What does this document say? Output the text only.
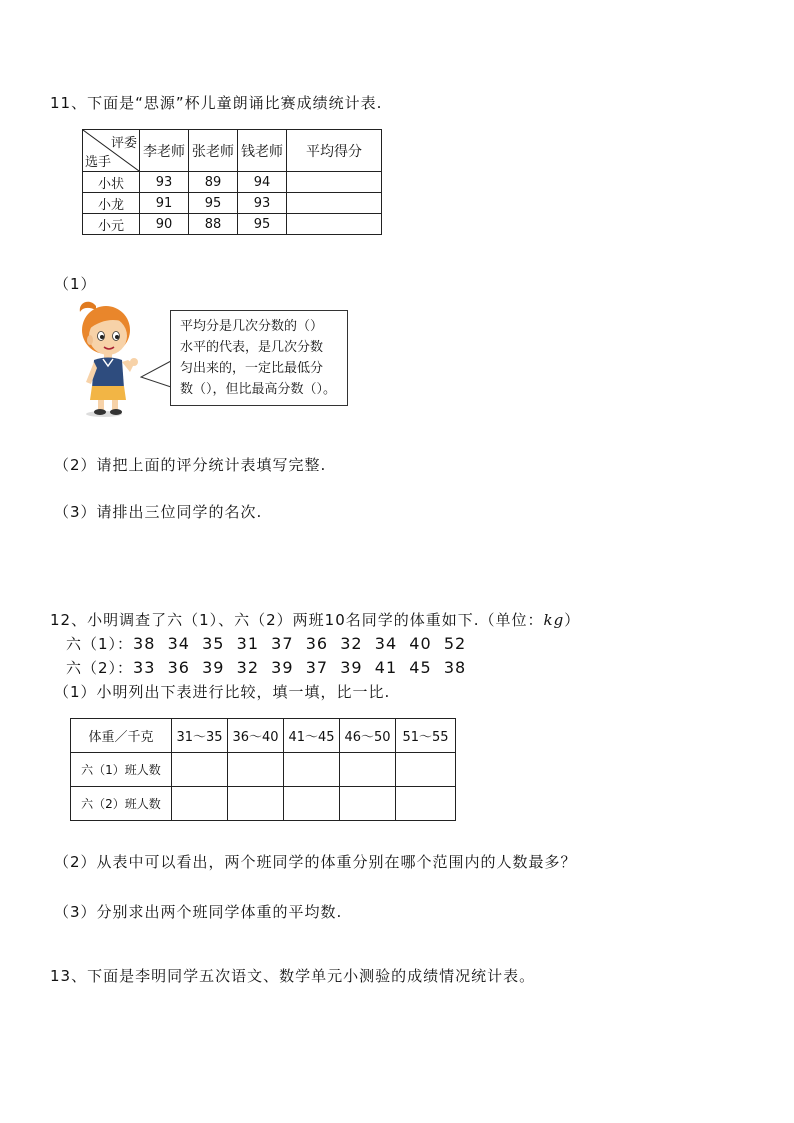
11、下面是“思源”杯儿童朗诵比赛成绩统计表.
评委
选手	李老师	张老师	钱老师	平均得分
小状	93	89	94	
小龙	91	95	93	
小元	90	88	95	
（1）
平均分是几次分数的（）
水平的代表，是几次分数
匀出来的，一定比最低分
数（），但比最高分数（）。
（2）请把上面的评分统计表填写完整.
（3）请排出三位同学的名次.
12、小明调查了六（1）、六（2）两班10名同学的体重如下.（单位：kg）
六（1）：38  34  35  31  37  36  32  34  40  52
六（2）：33  36  39  32  39  37  39  41  45  38
（1）小明列出下表进行比较，填一填，比一比.
体重／千克	31～35	36～40	41～45	46～50	51～55
六（1）班人数					
六（2）班人数					
（2）从表中可以看出，两个班同学的体重分别在哪个范围内的人数最多？
（3）分别求出两个班同学体重的平均数.
13、下面是李明同学五次语文、数学单元小测验的成绩情况统计表。
